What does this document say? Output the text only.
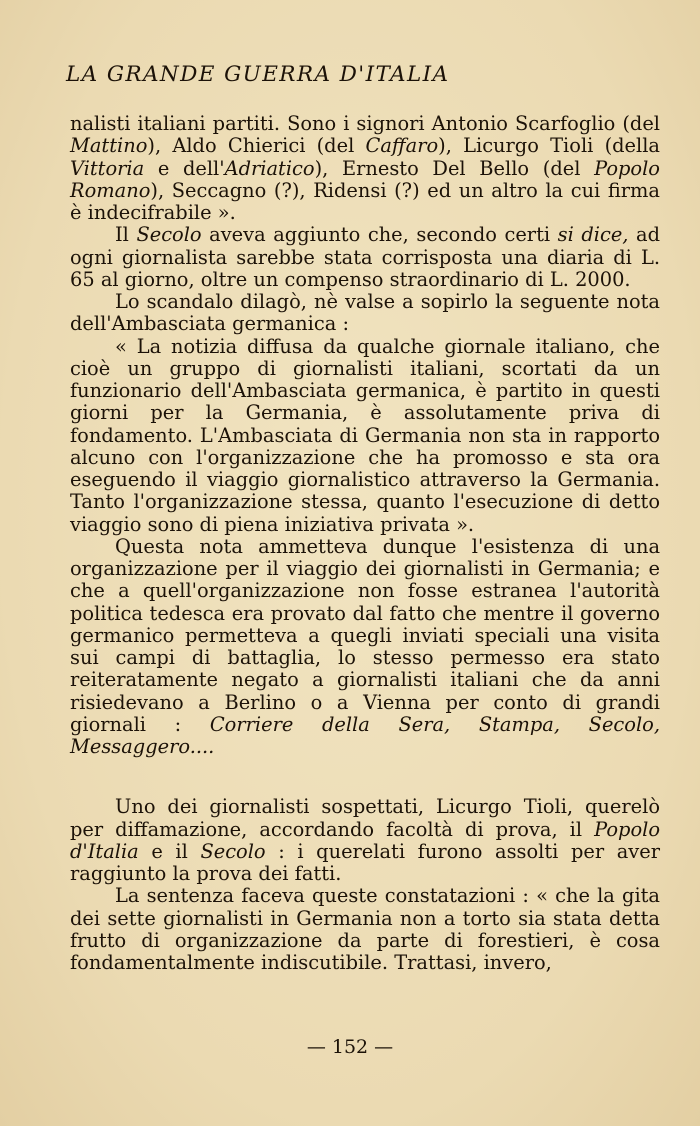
LA GRANDE GUERRA D'ITALIA

nalisti italiani partiti. Sono i signori Antonio Scarfoglio (del Mattino), Aldo Chierici (del Caffaro), Licurgo Tioli (della Vittoria e dell'Adriatico), Ernesto Del Bello (del Popolo Romano), Seccagno (?), Ridensi (?) ed un altro la cui firma è indecifrabile ».

Il Secolo aveva aggiunto che, secondo certi si dice, ad ogni giornalista sarebbe stata corrisposta una diaria di L. 65 al giorno, oltre un compenso straordinario di L. 2000.

Lo scandalo dilagò, nè valse a sopirlo la seguente nota dell'Ambasciata germanica :

« La notizia diffusa da qualche giornale italiano, che cioè un gruppo di giornalisti italiani, scortati da un funzionario dell'Ambasciata germanica, è partito in questi giorni per la Germania, è assolutamente priva di fondamento. L'Ambasciata di Germania non sta in rapporto alcuno con l'organizzazione che ha promosso e sta ora eseguendo il viaggio giornalistico attraverso la Germania. Tanto l'organizzazione stessa, quanto l'esecuzione di detto viaggio sono di piena iniziativa privata ».

Questa nota ammetteva dunque l'esistenza di una organizzazione per il viaggio dei giornalisti in Germania; e che a quell'organizzazione non fosse estranea l'autorità politica tedesca era provato dal fatto che mentre il governo germanico permetteva a quegli inviati speciali una visita sui campi di battaglia, lo stesso permesso era stato reiteratamente negato a giornalisti italiani che da anni risiedevano a Berlino o a Vienna per conto di grandi giornali : Corriere della Sera, Stampa, Secolo, Messaggero....

Uno dei giornalisti sospettati, Licurgo Tioli, querelò per diffamazione, accordando facoltà di prova, il Popolo d'Italia e il Secolo : i querelati furono assolti per aver raggiunto la prova dei fatti.

La sentenza faceva queste constatazioni : « che la gita dei sette giornalisti in Germania non a torto sia stata detta frutto di organizzazione da parte di forestieri, è cosa fondamentalmente indiscutibile. Trattasi, invero,

— 152 —
